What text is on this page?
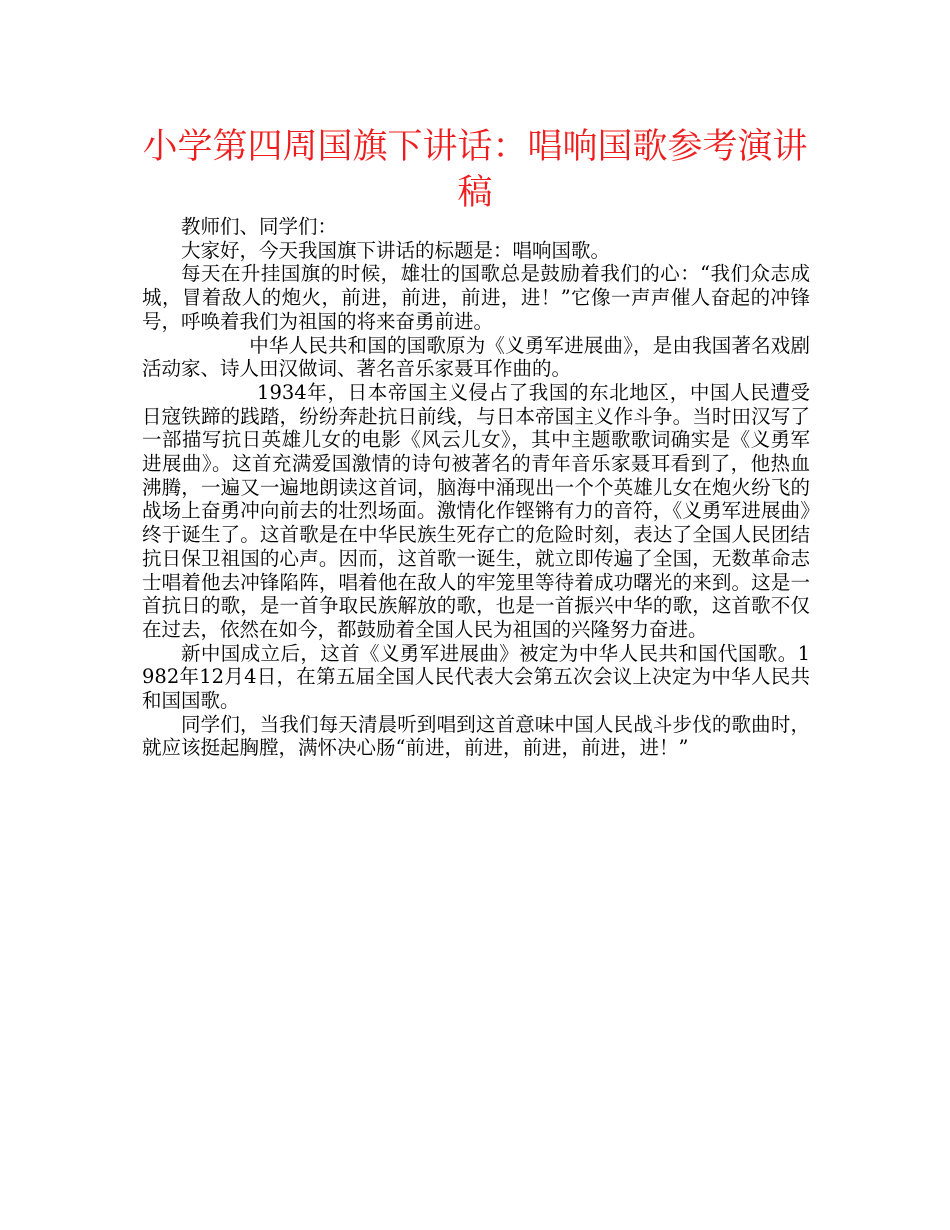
小学第四周国旗下讲话：唱响国歌参考演讲稿

教师们、同学们：

大家好，今天我国旗下讲话的标题是：唱响国歌。

每天在升挂国旗的时候，雄壮的国歌总是鼓励着我们的心：“我们众志成城，冒着敌人的炮火，前进，前进，前进，进！”它像一声声催人奋起的冲锋号，呼唤着我们为祖国的将来奋勇前进。

中华人民共和国的国歌原为《义勇军进展曲》，是由我国著名戏剧活动家、诗人田汉做词、著名音乐家聂耳作曲的。

1934年，日本帝国主义侵占了我国的东北地区，中国人民遭受日寇铁蹄的践踏，纷纷奔赴抗日前线，与日本帝国主义作斗争。当时田汉写了一部描写抗日英雄儿女的电影《风云儿女》，其中主题歌歌词确实是《义勇军进展曲》。这首充满爱国激情的诗句被著名的青年音乐家聂耳看到了，他热血沸腾，一遍又一遍地朗读这首词，脑海中涌现出一个个英雄儿女在炮火纷飞的战场上奋勇冲向前去的壮烈场面。激情化作铿锵有力的音符，《义勇军进展曲》终于诞生了。这首歌是在中华民族生死存亡的危险时刻，表达了全国人民团结抗日保卫祖国的心声。因而，这首歌一诞生，就立即传遍了全国，无数革命志士唱着他去冲锋陷阵，唱着他在敌人的牢笼里等待着成功曙光的来到。这是一首抗日的歌，是一首争取民族解放的歌，也是一首振兴中华的歌，这首歌不仅在过去，依然在如今，都鼓励着全国人民为祖国的兴隆努力奋进。

新中国成立后，这首《义勇军进展曲》被定为中华人民共和国代国歌。1982年12月4日，在第五届全国人民代表大会第五次会议上决定为中华人民共和国国歌。

同学们，当我们每天清晨听到唱到这首意味中国人民战斗步伐的歌曲时，就应该挺起胸膛，满怀决心肠“前进，前进，前进，前进，进！”
